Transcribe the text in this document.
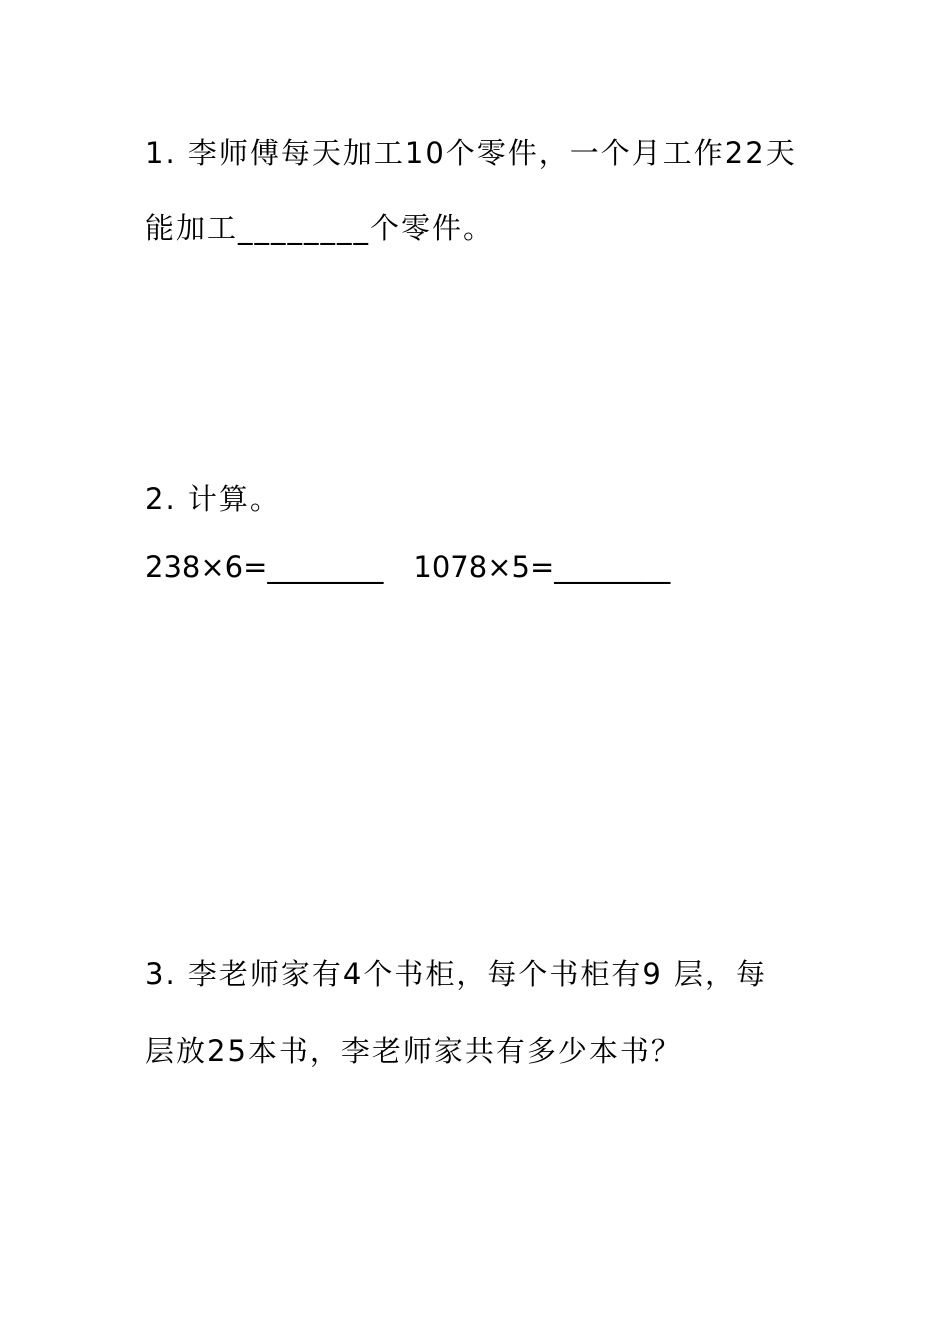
1. 李师傅每天加工10个零件，一个月工作22天
能加工________个零件。
2. 计算。
238×6=________ 1078×5=________
3. 李老师家有4个书柜，每个书柜有9 层，每
层放25本书，李老师家共有多少本书？
